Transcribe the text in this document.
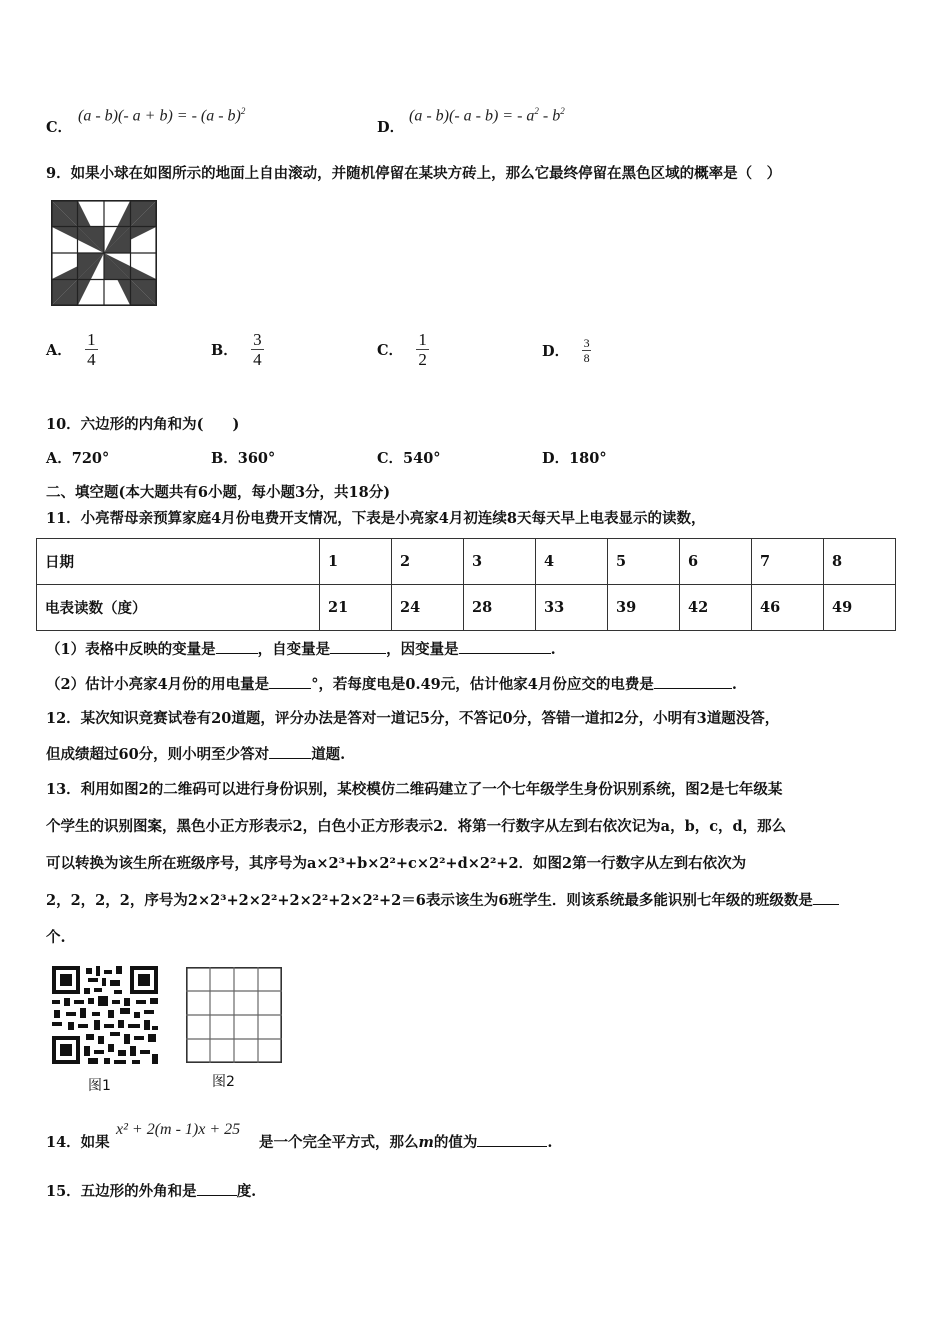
C．
(a - b)(- a + b) = - (a - b)$^2$
D．
(a - b)(- a - b) = - $a^2 - b^2$
9．如果小球在如图所示的地面上自由滚动，并随机停留在某块方砖上，那么它最终停留在黑色区域的概率是（　）
A． $\frac{1}{4}$	B． $\frac{3}{4}$	C． $\frac{1}{2}$	D． $\frac{3}{8}$
10．六边形的内角和为(　　)
A．720°	B．360°	C．540°	D．180°
二、填空题(本大题共有6小题，每小题3分，共18分)
11．小亮帮母亲预算家庭4月份电费开支情况，下表是小亮家4月初连续8天每天早上电表显示的读数，
日期	1	2	3	4	5	6	7	8
电表读数（度）	21	24	28	33	39	42	46	49
（1）表格中反映的变量是	，自变量是	，因变量是	.
（2）估计小亮家4月份的用电量是	°，若每度电是0.49元，估计他家4月份应交的电费是	.
12．某次知识竞赛试卷有20道题，评分办法是答对一道记5分，不答记0分，答错一道扣2分，小明有3道题没答，
但成绩超过60分，则小明至少答对	道题.
13．利用如图2的二维码可以进行身份识别，某校模仿二维码建立了一个七年级学生身份识别系统，图2是七年级某
个学生的识别图案，黑色小正方形表示2，白色小正方形表示2．将第一行数字从左到右依次记为a，b，c，d，那么
可以转换为该生所在班级序号，其序号为a×2³+b×2²+c×2²+d×2²+2．如图2第一行数字从左到右依次为
2，2，2，2，序号为2×2³+2×2²+2×2²+2×2²+2＝6表示该生为6班学生．则该系统最多能识别七年级的班级数是
个.
图1	图2
14．如果
x² + 2(m - 1)x + 25
是一个完全平方式，那么m的值为	.
15．五边形的外角和是	度.
